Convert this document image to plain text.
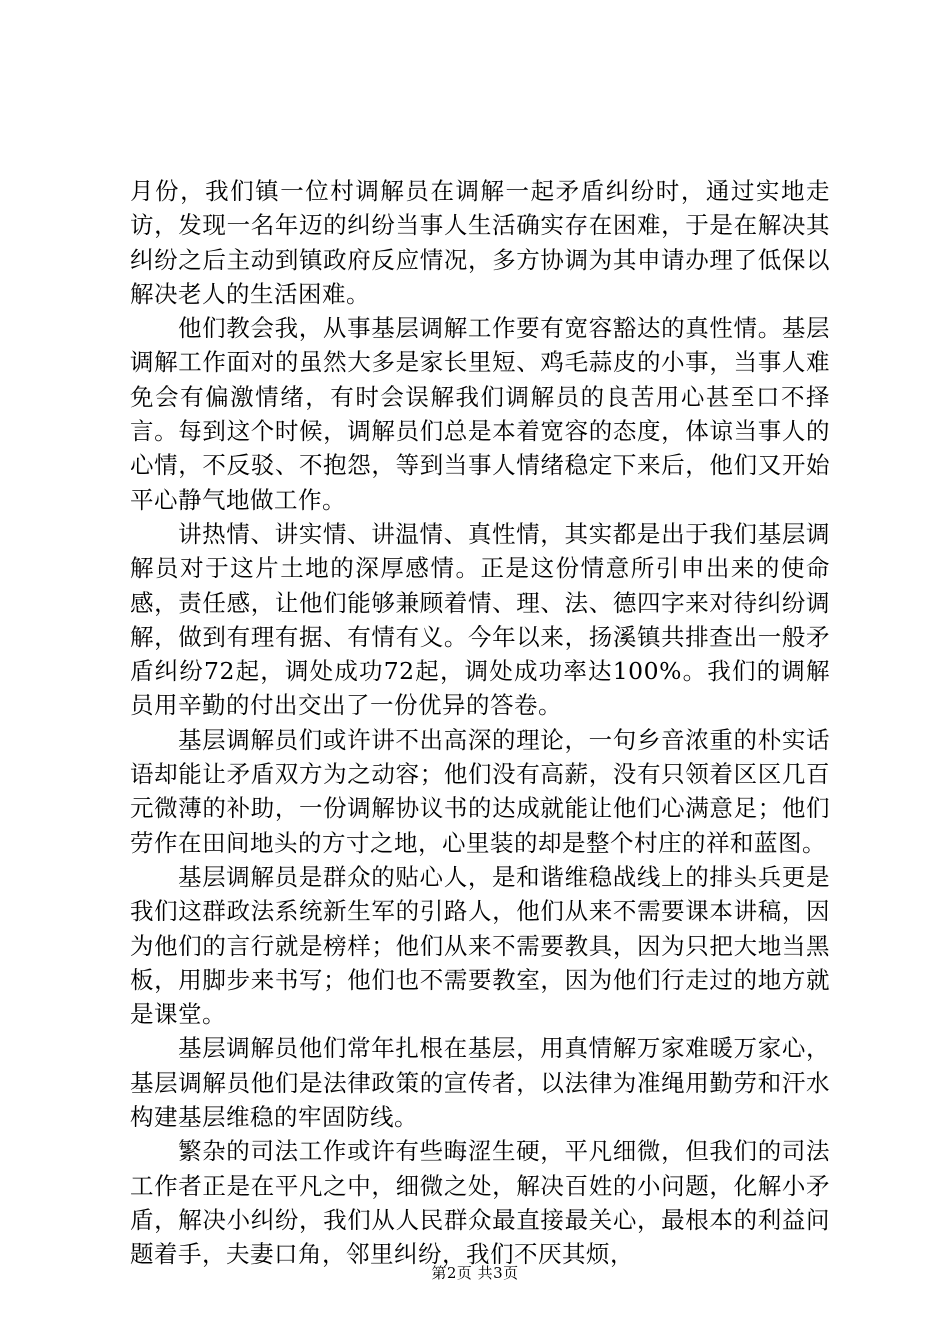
月份，我们镇一位村调解员在调解一起矛盾纠纷时，通过实地走访，发现一名年迈的纠纷当事人生活确实存在困难，于是在解决其纠纷之后主动到镇政府反应情况，多方协调为其申请办理了低保以解决老人的生活困难。

他们教会我，从事基层调解工作要有宽容豁达的真性情。基层调解工作面对的虽然大多是家长里短、鸡毛蒜皮的小事，当事人难免会有偏激情绪，有时会误解我们调解员的良苦用心甚至口不择言。每到这个时候，调解员们总是本着宽容的态度，体谅当事人的心情，不反驳、不抱怨，等到当事人情绪稳定下来后，他们又开始平心静气地做工作。

讲热情、讲实情、讲温情、真性情，其实都是出于我们基层调解员对于这片土地的深厚感情。正是这份情意所引申出来的使命感，责任感，让他们能够兼顾着情、理、法、德四字来对待纠纷调解，做到有理有据、有情有义。今年以来，扬溪镇共排查出一般矛盾纠纷72起，调处成功72起，调处成功率达100%。我们的调解员用辛勤的付出交出了一份优异的答卷。

基层调解员们或许讲不出高深的理论，一句乡音浓重的朴实话语却能让矛盾双方为之动容；他们没有高薪，没有只领着区区几百元微薄的补助，一份调解协议书的达成就能让他们心满意足；他们劳作在田间地头的方寸之地，心里装的却是整个村庄的祥和蓝图。

基层调解员是群众的贴心人，是和谐维稳战线上的排头兵更是我们这群政法系统新生军的引路人，他们从来不需要课本讲稿，因为他们的言行就是榜样；他们从来不需要教具，因为只把大地当黑板，用脚步来书写；他们也不需要教室，因为他们行走过的地方就是课堂。

基层调解员他们常年扎根在基层，用真情解万家难暖万家心，基层调解员他们是法律政策的宣传者，以法律为准绳用勤劳和汗水构建基层维稳的牢固防线。

繁杂的司法工作或许有些晦涩生硬，平凡细微，但我们的司法工作者正是在平凡之中，细微之处，解决百姓的小问题，化解小矛盾，解决小纠纷，我们从人民群众最直接最关心，最根本的利益问题着手，夫妻口角，邻里纠纷，我们不厌其烦，

第2页 共3页
